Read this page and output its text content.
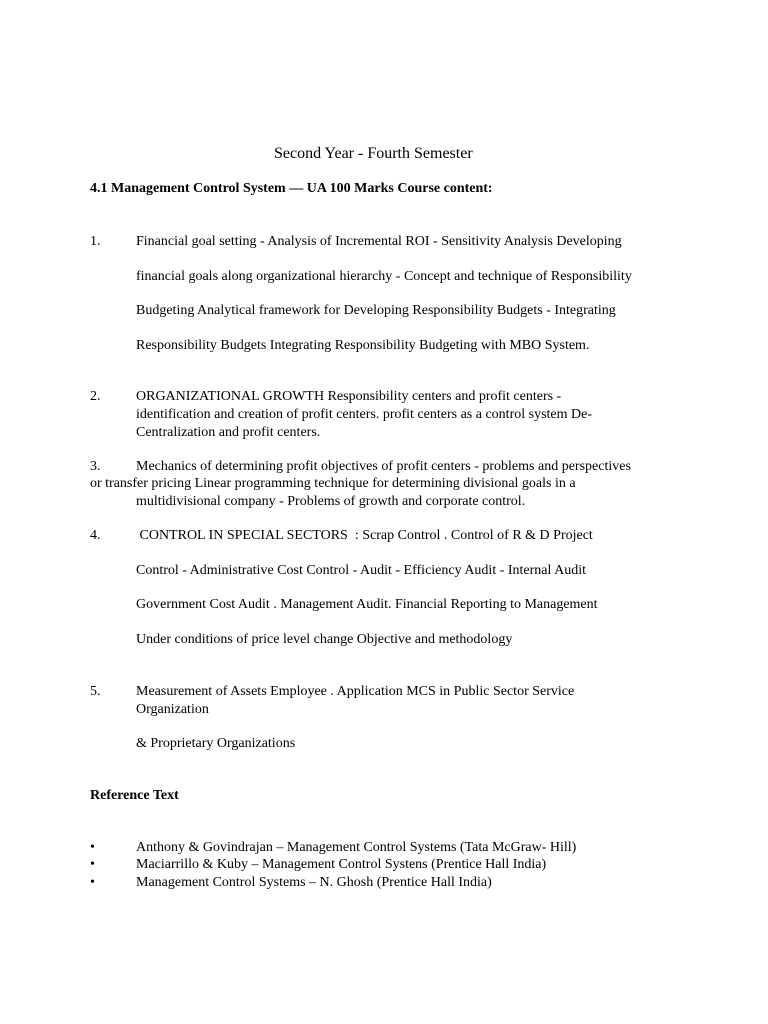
Second Year - Fourth Semester
4.1 Management Control System — UA 100 Marks Course content:
1.	Financial goal setting - Analysis of Incremental ROI - Sensitivity Analysis Developing
financial goals along organizational hierarchy - Concept and technique of Responsibility
Budgeting Analytical framework for Developing Responsibility Budgets - Integrating
Responsibility Budgets Integrating Responsibility Budgeting with MBO System.
2.	ORGANIZATIONAL GROWTH Responsibility centers and profit centers -
identification and creation of profit centers. profit centers as a control system De-
Centralization and profit centers.
3.	Mechanics of determining profit objectives of profit centers - problems and perspectives
or transfer pricing Linear programming technique for determining divisional goals in a
multidivisional company - Problems of growth and corporate control.
4.	CONTROL IN SPECIAL SECTORS  : Scrap Control . Control of R & D Project
Control - Administrative Cost Control - Audit - Efficiency Audit - Internal Audit
Government Cost Audit . Management Audit. Financial Reporting to Management
Under conditions of price level change Objective and methodology
5.	Measurement of Assets Employee . Application MCS in Public Sector Service
Organization
& Proprietary Organizations
Reference Text
•	Anthony & Govindrajan – Management Control Systems (Tata McGraw- Hill)
•	Maciarrillo & Kuby – Management Control Systens (Prentice Hall India)
•	Management Control Systems – N. Ghosh (Prentice Hall India)
